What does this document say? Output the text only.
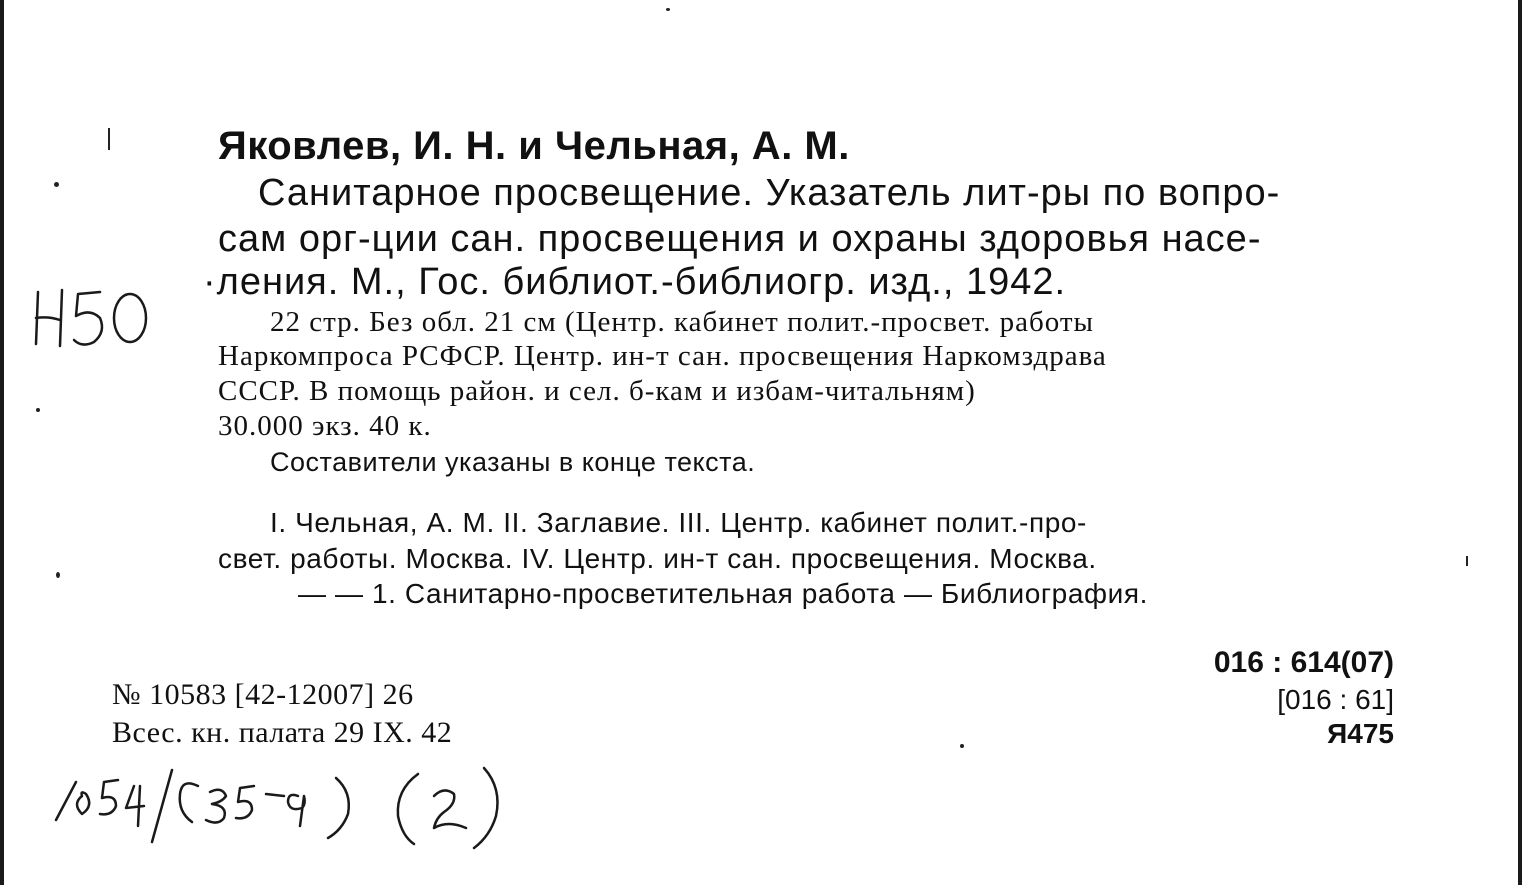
Яковлев, И. Н. и Чельная, А. М.

Санитарное просвещение. Указатель лит-ры по вопро-

сам орг-ции сан. просвещения и охраны здоровья насе-

·ления. М., Гос. библиот.-библиогр. изд., 1942.

22 стр. Без обл. 21 см (Центр. кабинет полит.-просвет. работы

Наркомпроса РСФСР. Центр. ин-т сан. просвещения Наркомздрава

СССР. В помощь район. и сел. б-кам и избам-читальням)

30.000 экз. 40 к.

Составители указаны в конце текста.

I. Чельная, А. М. II. Заглавие. III. Центр. кабинет полит.-про-

свет. работы. Москва. IV. Центр. ин-т сан. просвещения. Москва.

— — 1. Санитарно-просветительная работа — Библиография.

016 : 614(07)

[016 : 61]

Я475

№ 10583 [42-12007] 26

Всес. кн. палата 29 IX. 42
